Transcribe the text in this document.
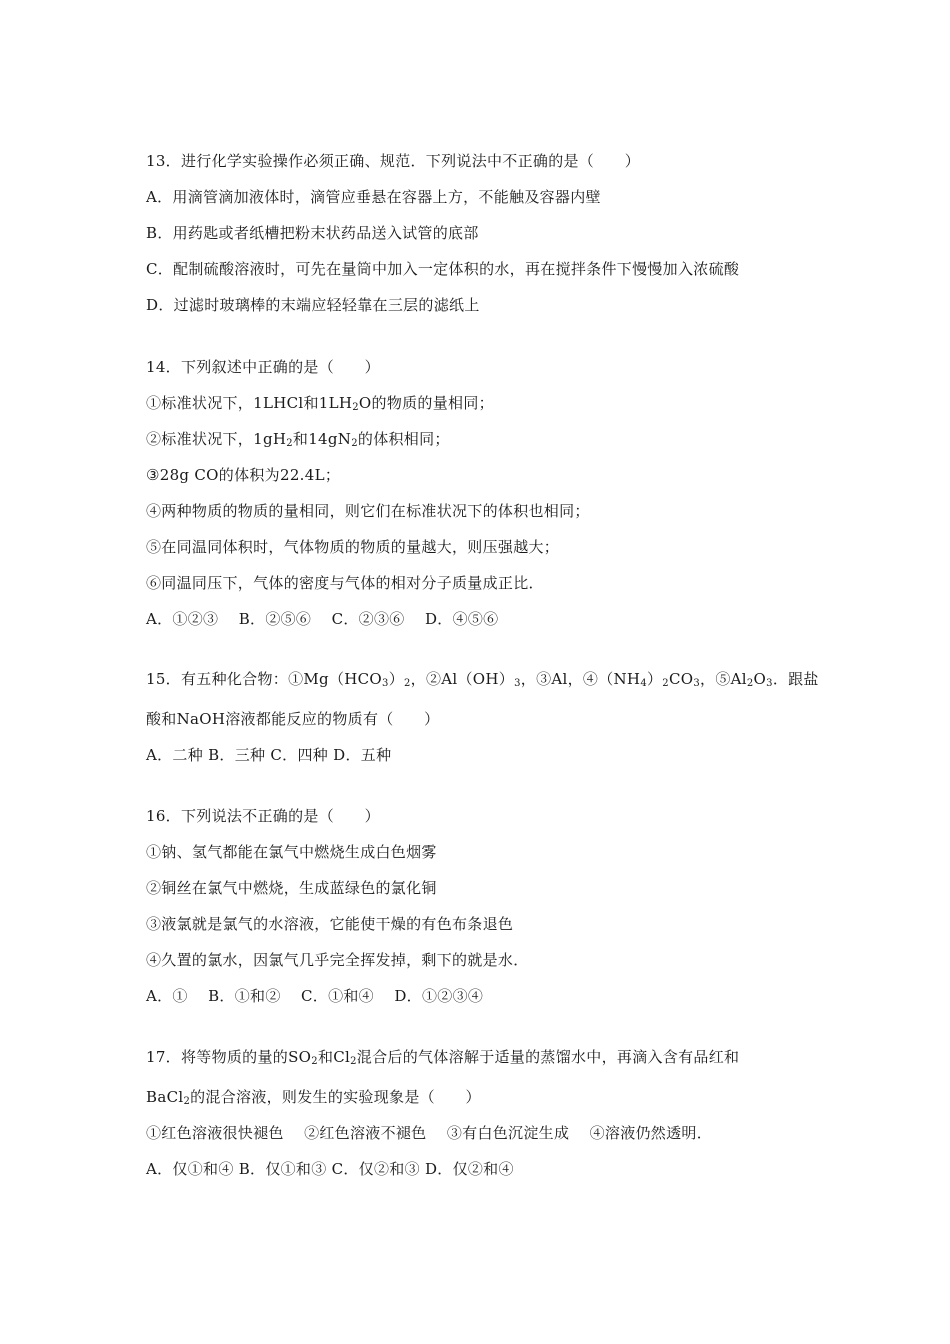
13．进行化学实验操作必须正确、规范．下列说法中不正确的是（　　）
A．用滴管滴加液体时，滴管应垂悬在容器上方，不能触及容器内壁
B．用药匙或者纸槽把粉末状药品送入试管的底部
C．配制硫酸溶液时，可先在量筒中加入一定体积的水，再在搅拌条件下慢慢加入浓硫酸
D．过滤时玻璃棒的末端应轻轻靠在三层的滤纸上
14．下列叙述中正确的是（　　）
①标准状况下，1LHCl和$1LH_2O$的物质的量相同；
②标准状况下，$1gH_2$和$14gN_2$的体积相同；
③28g CO的体积为22.4L；
④两种物质的物质的量相同，则它们在标准状况下的体积也相同；
⑤在同温同体积时，气体物质的物质的量越大，则压强越大；
⑥同温同压下，气体的密度与气体的相对分子质量成正比．
A．①②③　 B．②⑤⑥　 C．②③⑥　 D．④⑤⑥
15．有五种化合物：$①Mg(HCO_3)_2$，$②Al(OH)_3$，③Al，$④(NH_4)_2CO_3$，$⑤Al_2O_3$．跟盐
酸和NaOH溶液都能反应的物质有（　　）
A．二种 B．三种 C．四种 D．五种
16．下列说法不正确的是（　　）
①钠、氢气都能在氯气中燃烧生成白色烟雾
②铜丝在氯气中燃烧，生成蓝绿色的氯化铜
③液氯就是氯气的水溶液，它能使干燥的有色布条退色
④久置的氯水，因氯气几乎完全挥发掉，剩下的就是水．
A．①　 B．①和②　 C．①和④　 D．①②③④
17．将等物质的量的$SO_2$和$Cl_2$混合后的气体溶解于适量的蒸馏水中，再滴入含有品红和
BaCl$_2$的混合溶液，则发生的实验现象是（　　）
①红色溶液很快褪色　 ②红色溶液不褪色　 ③有白色沉淀生成　 ④溶液仍然透明．
A．仅①和④ B．仅①和③ C．仅②和③ D．仅②和④
